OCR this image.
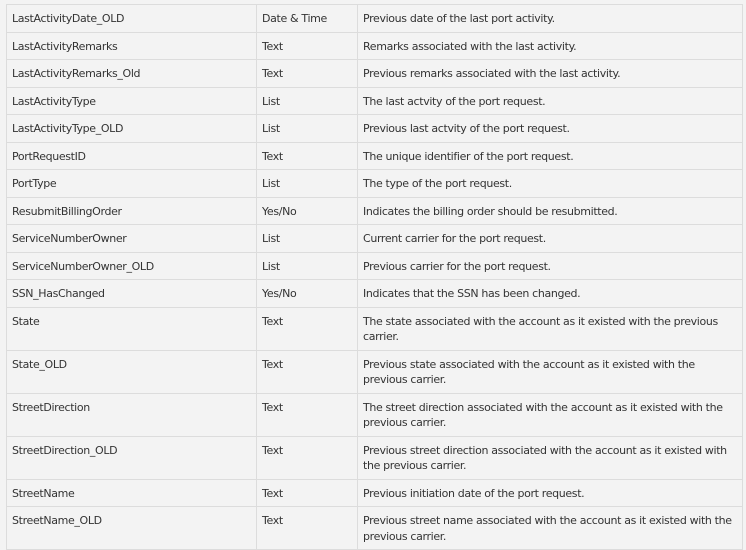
LastActivityDate_OLD	Date & Time	Previous date of the last port activity.
LastActivityRemarks	Text	Remarks associated with the last activity.
LastActivityRemarks_Old	Text	Previous remarks associated with the last activity.
LastActivityType	List	The last actvity of the port request.
LastActivityType_OLD	List	Previous last actvity of the port request.
PortRequestID	Text	The unique identifier of the port request.
PortType	List	The type of the port request.
ResubmitBillingOrder	Yes/No	Indicates the billing order should be resubmitted.
ServiceNumberOwner	List	Current carrier for the port request.
ServiceNumberOwner_OLD	List	Previous carrier for the port request.
SSN_HasChanged	Yes/No	Indicates that the SSN has been changed.
State	Text	The state associated with the account as it existed with the previous carrier.
State_OLD	Text	Previous state associated with the account as it existed with the previous carrier.
StreetDirection	Text	The street direction associated with the account as it existed with the previous carrier.
StreetDirection_OLD	Text	Previous street direction associated with the account as it existed with the previous carrier.
StreetName	Text	Previous initiation date of the port request.
StreetName_OLD	Text	Previous street name associated with the account as it existed with the previous carrier.
